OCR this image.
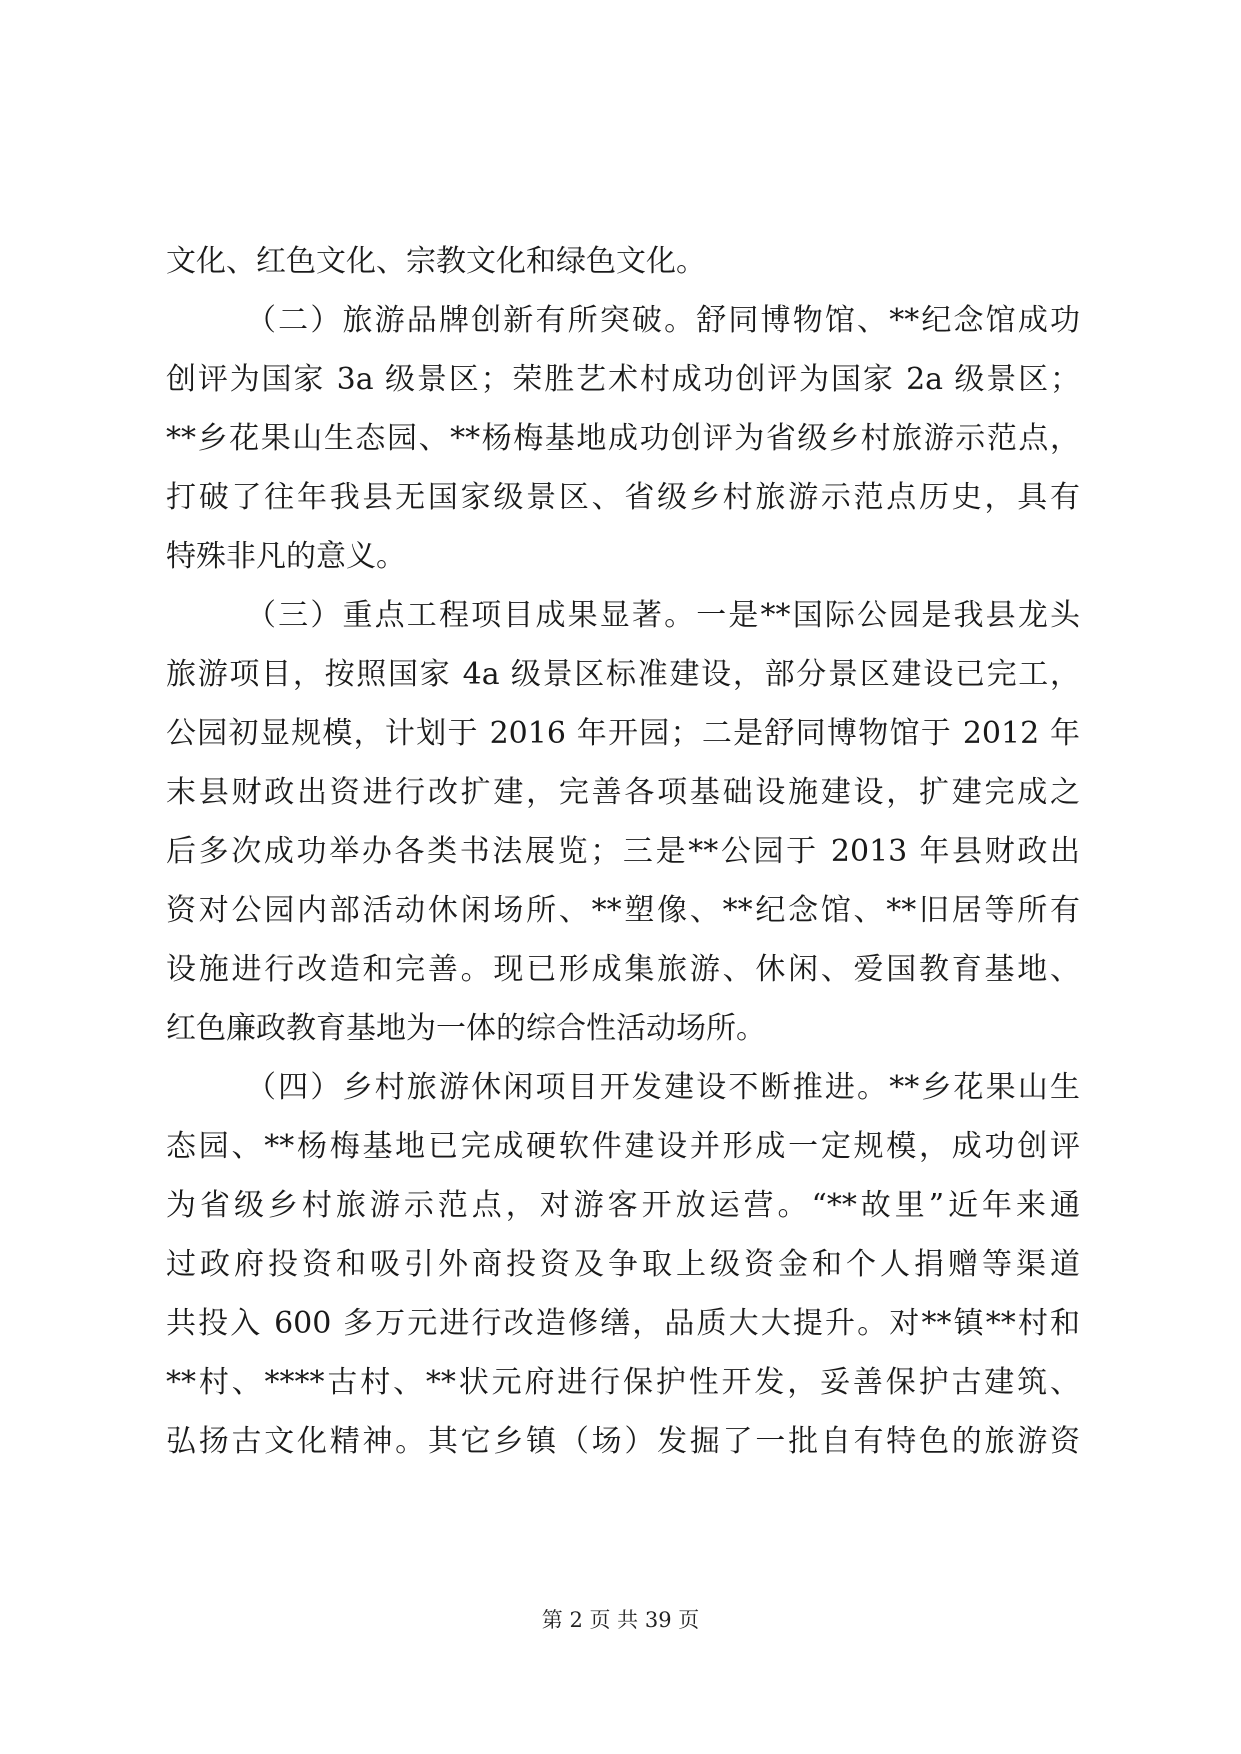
文化、红色文化、宗教文化和绿色文化。
（二）旅游品牌创新有所突破。舒同博物馆、**纪念馆成功
创评为国家 3a 级景区；荣胜艺术村成功创评为国家 2a 级景区；
**乡花果山生态园、**杨梅基地成功创评为省级乡村旅游示范点，
打破了往年我县无国家级景区、省级乡村旅游示范点历史，具有
特殊非凡的意义。
（三）重点工程项目成果显著。一是**国际公园是我县龙头
旅游项目，按照国家 4a 级景区标准建设，部分景区建设已完工，
公园初显规模，计划于 2016 年开园；二是舒同博物馆于 2012 年
末县财政出资进行改扩建，完善各项基础设施建设，扩建完成之
后多次成功举办各类书法展览；三是**公园于 2013 年县财政出
资对公园内部活动休闲场所、**塑像、**纪念馆、**旧居等所有
设施进行改造和完善。现已形成集旅游、休闲、爱国教育基地、
红色廉政教育基地为一体的综合性活动场所。
（四）乡村旅游休闲项目开发建设不断推进。**乡花果山生
态园、**杨梅基地已完成硬软件建设并形成一定规模，成功创评
为省级乡村旅游示范点，对游客开放运营。“**故里”近年来通
过政府投资和吸引外商投资及争取上级资金和个人捐赠等渠道
共投入 600 多万元进行改造修缮，品质大大提升。对**镇**村和
**村、****古村、**状元府进行保护性开发，妥善保护古建筑、
弘扬古文化精神。其它乡镇（场）发掘了一批自有特色的旅游资
第 2 页 共 39 页
